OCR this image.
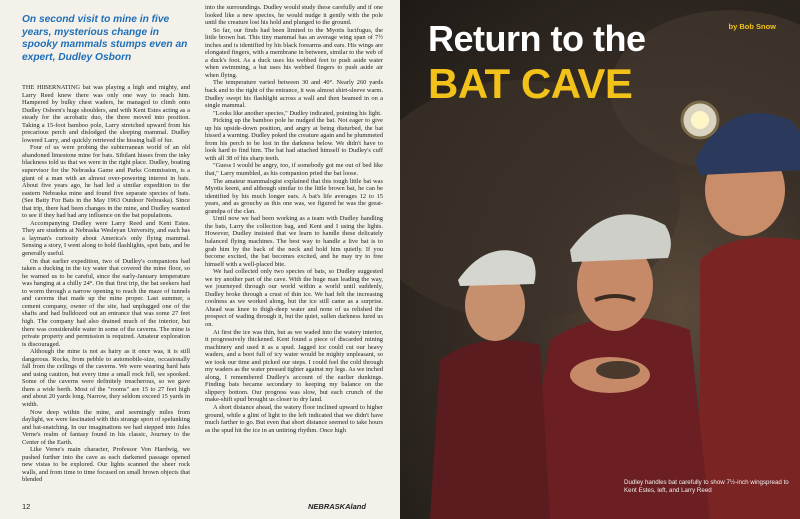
On second visit to mine in five years, mysterious change in spooky mammals stumps even an expert, Dudley Osborn

THE HIBERNATING bat was playing a high and mighty, and Larry Reed knew there was only one way to reach him. Hampered by bulky chest waders, he managed to climb onto Dudley Osborn's huge shoulders, and with Kent Estes acting as a steady for the acrobatic duo, the three moved into position. Taking a 15-foot bamboo pole, Larry stretched upward from his precarious perch and dislodged the sleeping mammal. Dudley lowered Larry, and quickly retrieved the hissing ball of fur.

Four of us were probing the subterranean world of an old abandoned limestone mine for bats. Sibilant hisses from the inky blackness told us that we were in the right place. Dudley, boating supervisor for the Nebraska Game and Parks Commission, is a giant of a man with an almost over-powering interest in bats. About five years ago, he had led a similar expedition to the eastern Nebraska mine and found five separate species of bats. (See Batty For Bats in the May 1963 Outdoor Nebraska). Since that trip, there had been changes in the mine, and Dudley wanted to see if they had had any influence on the bat populations.

Accompanying Dudley were Larry Reed and Kent Estes. They are students at Nebraska Wesleyan University, and each has a layman's curiosity about America's only flying mammal. Sensing a story, I went along to hold flashlights, spot bats, and be generally useful.

On that earlier expedition, two of Dudley's companions had taken a ducking in the icy water that covered the mine floor, so he warned us to be careful, since the early-January temperature was hanging at a chilly 24°. On that first trip, the bat seekers had to worm through a narrow opening to reach the maze of tunnels and caverns that made up the mine proper. Last summer, a cement company, owner of the site, had unplugged one of the shafts and had bulldozed out an entrance that was some 27 feet high. The company had also drained much of the interior, but there was considerable water in some of the caverns. The mine is private property and permission is required. Amateur exploration is discouraged.

Although the mine is not as hairy as it once was, it is still dangerous. Rocks, from pebble to automobile-size, occasionally fall from the ceilings of the caverns. We were wearing hard hats and using caution, but every time a small rock fell, we spooked. Some of the caverns were definitely treacherous, so we gave them a wide berth. Most of the "rooms" are 15 to 27 feet high and about 20 yards long. Narrow, they seldom exceed 15 yards in width.

Now deep within the mine, and seemingly miles from daylight, we were fascinated with this strange sport of spelunking and bat-snatching. In our imaginations we had stepped into Jules Verne's realm of fantasy found in his classic, Journey to the Center of the Earth.

Like Verne's main character, Professor Von Hardwig, we pushed further into the cave as each darkened passage opened new vistas to be explored. Our lights scanned the sheer rock walls, and from time to time focused on small brown objects that blended

into the surroundings. Dudley would study these carefully and if one looked like a new species, he would nudge it gently with the pole until the creature lost his hold and plunged to the ground.

So far, our finds had been limited to the Myotis lucifugus, the little brown bat. This tiny mammal has an average wing span of 7½ inches and is identified by his black forearms and ears. His wings are elongated fingers, with a membrane in between, similar to the web of a duck's foot. As a duck uses his webbed feet to push aside water when swimming, a bat uses his webbed fingers to push aside air when flying.

The temperature varied between 30 and 40°. Nearly 260 yards back and to the right of the entrance, it was almost shirt-sleeve warm. Dudley swept his flashlight across a wall and then beamed in on a single mammal.

"Looks like another species," Dudley indicated, pointing his light.

Picking up the bamboo pole he nudged the bat. Not eager to give up his upside-down position, and angry at being disturbed, the bat hissed a warning. Dudley poked the creature again and he plummeted from his perch to be lost in the darkness below. We didn't have to look hard to find him. The bat had attached himself to Dudley's cuff with all 38 of his sharp teeth.

"Guess I would be angry, too, if somebody got me out of bed like that," Larry mumbled, as his companion pried the bat loose.

The amateur mammalogist explained that this tough little bat was Myotis keeni, and although similar to the little brown bat, he can be identified by his much longer ears. A bat's life averages 12 to 15 years, and as grouchy as this one was, we figured he was the great-grandpa of the clan.

Until now we had been working as a team with Dudley handling the bats, Larry the collection bag, and Kent and I using the lights. However, Dudley insisted that we learn to handle these delicately balanced flying machines. The best way to handle a live bat is to grab him by the back of the neck and hold him quietly. If you become excited, the bat becomes excited, and he may try to free himself with a well-placed bite.

We had collected only two species of bats, so Dudley suggested we try another part of the cave. With the huge man leading the way, we journeyed through our world within a world until suddenly, Dudley broke through a crust of thin ice. We had felt the increasing coolness as we worked along, but the ice still came as a surprise. Ahead was knee to thigh-deep water and none of us relished the prospect of wading through it, but the quiet, sullen darkness lured us on.

At first the ice was thin, but as we waded into the watery interior, it progressively thickened. Kent found a piece of discarded mining machinery and used it as a spud. Jagged ice could cut our heavy waders, and a boot full of icy water would be mighty unpleasant, so we took our time and picked our steps. I could feel the cold through my waders as the water pressed tighter against my legs. As we inched along, I remembered Dudley's account of the earlier dunkings. Finding bats became secondary to keeping my balance on the slippery bottom. Our progress was slow, but each crunch of the make-shift spud brought us closer to dry land.

A short distance ahead, the watery floor inclined upward to higher ground, while a glint of light to the left indicated that we didn't have much farther to go. But even that short distance seemed to take hours as the spud hit the ice in an untiring rhythm. Once high

12	NEBRASKAland
by Bob Snow
Return to the
BAT CAVE
Dudley handles bat carefully to show 7½-inch wingspread to Kent Estes, left, and Larry Reed
